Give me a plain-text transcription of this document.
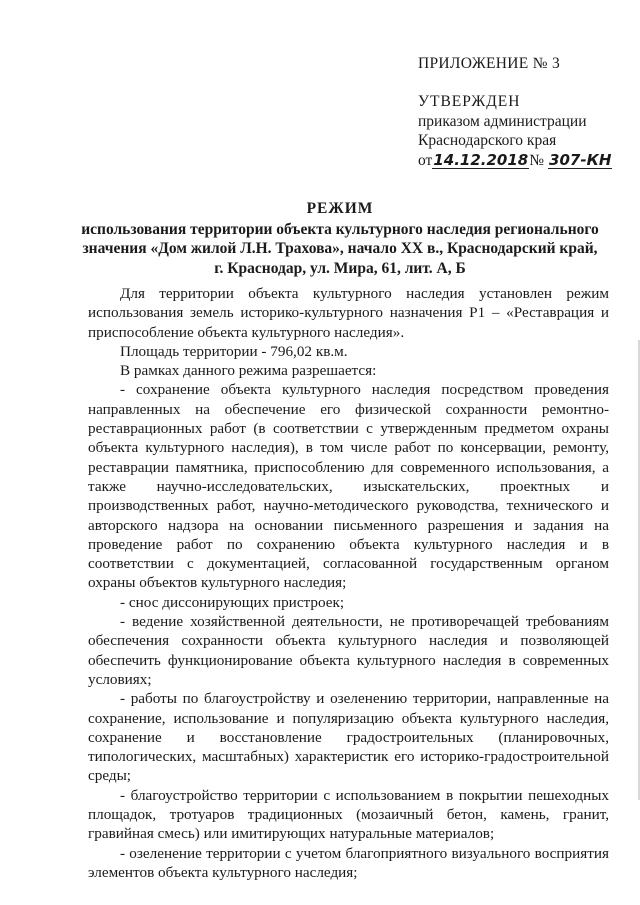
ПРИЛОЖЕНИЕ № 3
УТВЕРЖДЕН
приказом администрации
Краснодарского края
от 14.12.2018 № 307-КН
РЕЖИМ
использования территории объекта культурного наследия регионального
значения «Дом жилой Л.Н. Трахова», начало XX в., Краснодарский край,
г. Краснодар, ул. Мира, 61, лит. А, Б

Для территории объекта культурного наследия установлен режим использования земель историко-культурного назначения Р1 – «Реставрация и приспособление объекта культурного наследия».

Площадь территории - 796,02 кв.м.

В рамках данного режима разрешается:

- сохранение объекта культурного наследия посредством проведения направленных на обеспечение его физической сохранности ремонтно-реставрационных работ (в соответствии с утвержденным предметом охраны объекта культурного наследия), в том числе работ по консервации, ремонту, реставрации памятника, приспособлению для современного использования, а также научно-исследовательских, изыскательских, проектных и производственных работ, научно-методического руководства, технического и авторского надзора на основании письменного разрешения и задания на проведение работ по сохранению объекта культурного наследия и в соответствии с документацией, согласованной государственным органом охраны объектов культурного наследия;

- снос диссонирующих пристроек;

- ведение хозяйственной деятельности, не противоречащей требованиям обеспечения сохранности объекта культурного наследия и позволяющей обеспечить функционирование объекта культурного наследия в современных условиях;

- работы по благоустройству и озеленению территории, направленные на сохранение, использование и популяризацию объекта культурного наследия, сохранение и восстановление градостроительных (планировочных, типологических, масштабных) характеристик его историко-градостроительной среды;

- благоустройство территории с использованием в покрытии пешеходных площадок, тротуаров традиционных (мозаичный бетон, камень, гранит, гравийная смесь) или имитирующих натуральные материалов;

- озеленение территории с учетом благоприятного визуального восприятия элементов объекта культурного наследия;
